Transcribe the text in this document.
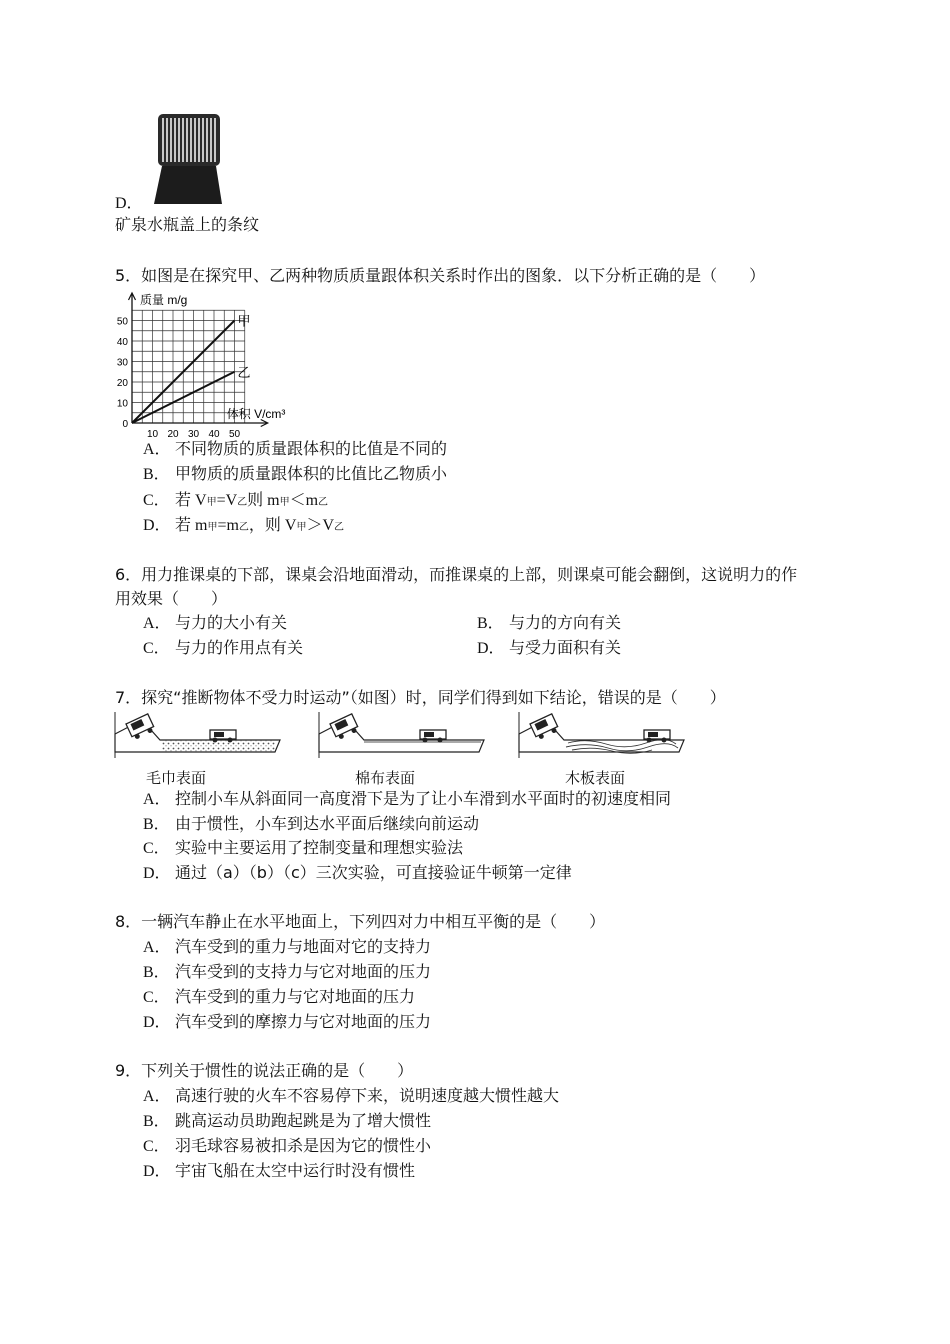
D．
矿泉水瓶盖上的条纹
5．如图是在探究甲、乙两种物质质量跟体积关系时作出的图象．以下分析正确的是（　　）
0
10
20
30
40
50
10 20 30 40 50
质量 m/g
体积 V/cm³
甲
乙
A． 不同物质的质量跟体积的比值是不同的
B． 甲物质的质量跟体积的比值比乙物质小
C． 若 V甲=V乙则 m甲＜m乙
D． 若 m甲=m乙，则 V甲＞V乙
6．用力推课桌的下部，课桌会沿地面滑动，而推课桌的上部，则课桌可能会翻倒，这说明力的作
用效果（　　）
A． 与力的大小有关	B． 与力的方向有关
C． 与力的作用点有关	D． 与受力面积有关
7．探究“推断物体不受力时运动”（如图）时，同学们得到如下结论，错误的是（　　）
毛巾表面	棉布表面	木板表面
A． 控制小车从斜面同一高度滑下是为了让小车滑到水平面时的初速度相同
B． 由于惯性，小车到达水平面后继续向前运动
C． 实验中主要运用了控制变量和理想实验法
D． 通过（a）（b）（c）三次实验，可直接验证牛顿第一定律
8．一辆汽车静止在水平地面上，下列四对力中相互平衡的是（　　）
A． 汽车受到的重力与地面对它的支持力
B． 汽车受到的支持力与它对地面的压力
C． 汽车受到的重力与它对地面的压力
D． 汽车受到的摩擦力与它对地面的压力
9．下列关于惯性的说法正确的是（　　）
A． 高速行驶的火车不容易停下来，说明速度越大惯性越大
B． 跳高运动员助跑起跳是为了增大惯性
C． 羽毛球容易被扣杀是因为它的惯性小
D． 宇宙飞船在太空中运行时没有惯性
